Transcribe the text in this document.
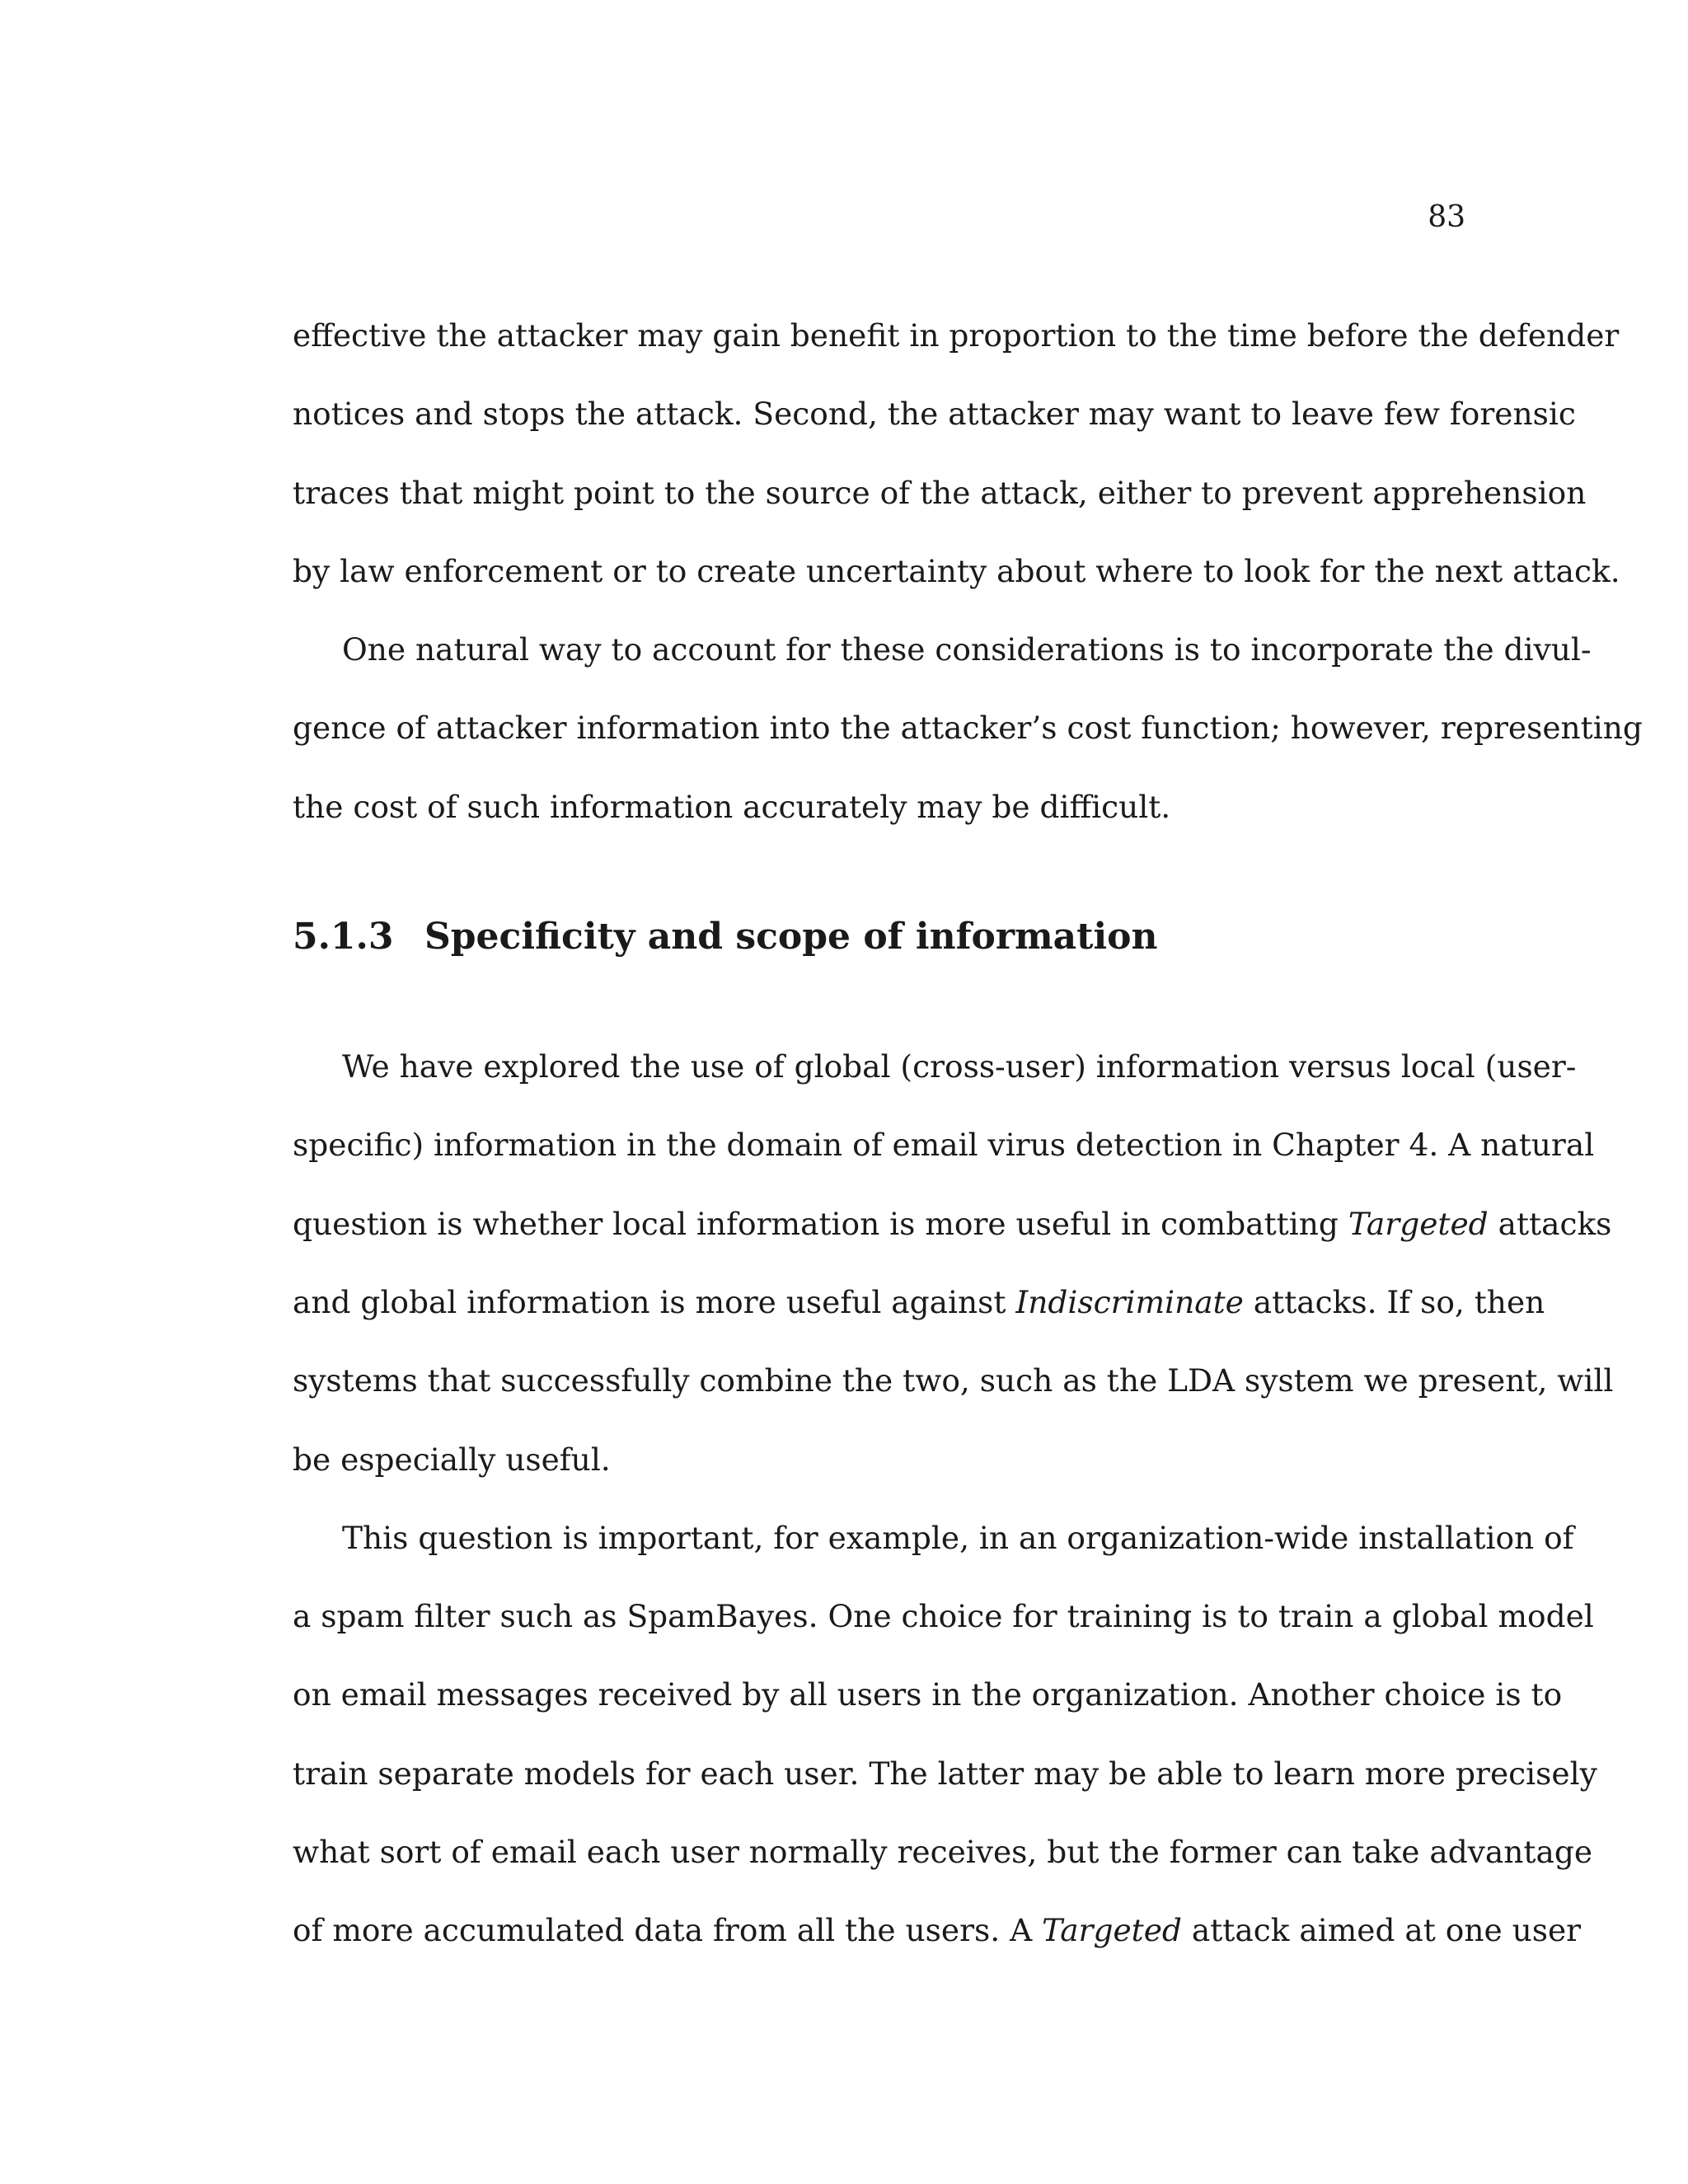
83

effective the attacker may gain benefit in proportion to the time before the defender
notices and stops the attack. Second, the attacker may want to leave few forensic
traces that might point to the source of the attack, either to prevent apprehension
by law enforcement or to create uncertainty about where to look for the next attack.

One natural way to account for these considerations is to incorporate the divul-
gence of attacker information into the attacker’s cost function; however, representing
the cost of such information accurately may be difficult.

5.1.3 Specificity and scope of information

We have explored the use of global (cross-user) information versus local (user-
specific) information in the domain of email virus detection in Chapter 4. A natural
question is whether local information is more useful in combatting Targeted attacks
and global information is more useful against Indiscriminate attacks. If so, then
systems that successfully combine the two, such as the LDA system we present, will
be especially useful.

This question is important, for example, in an organization-wide installation of
a spam filter such as SpamBayes. One choice for training is to train a global model
on email messages received by all users in the organization. Another choice is to
train separate models for each user. The latter may be able to learn more precisely
what sort of email each user normally receives, but the former can take advantage
of more accumulated data from all the users. A Targeted attack aimed at one user
